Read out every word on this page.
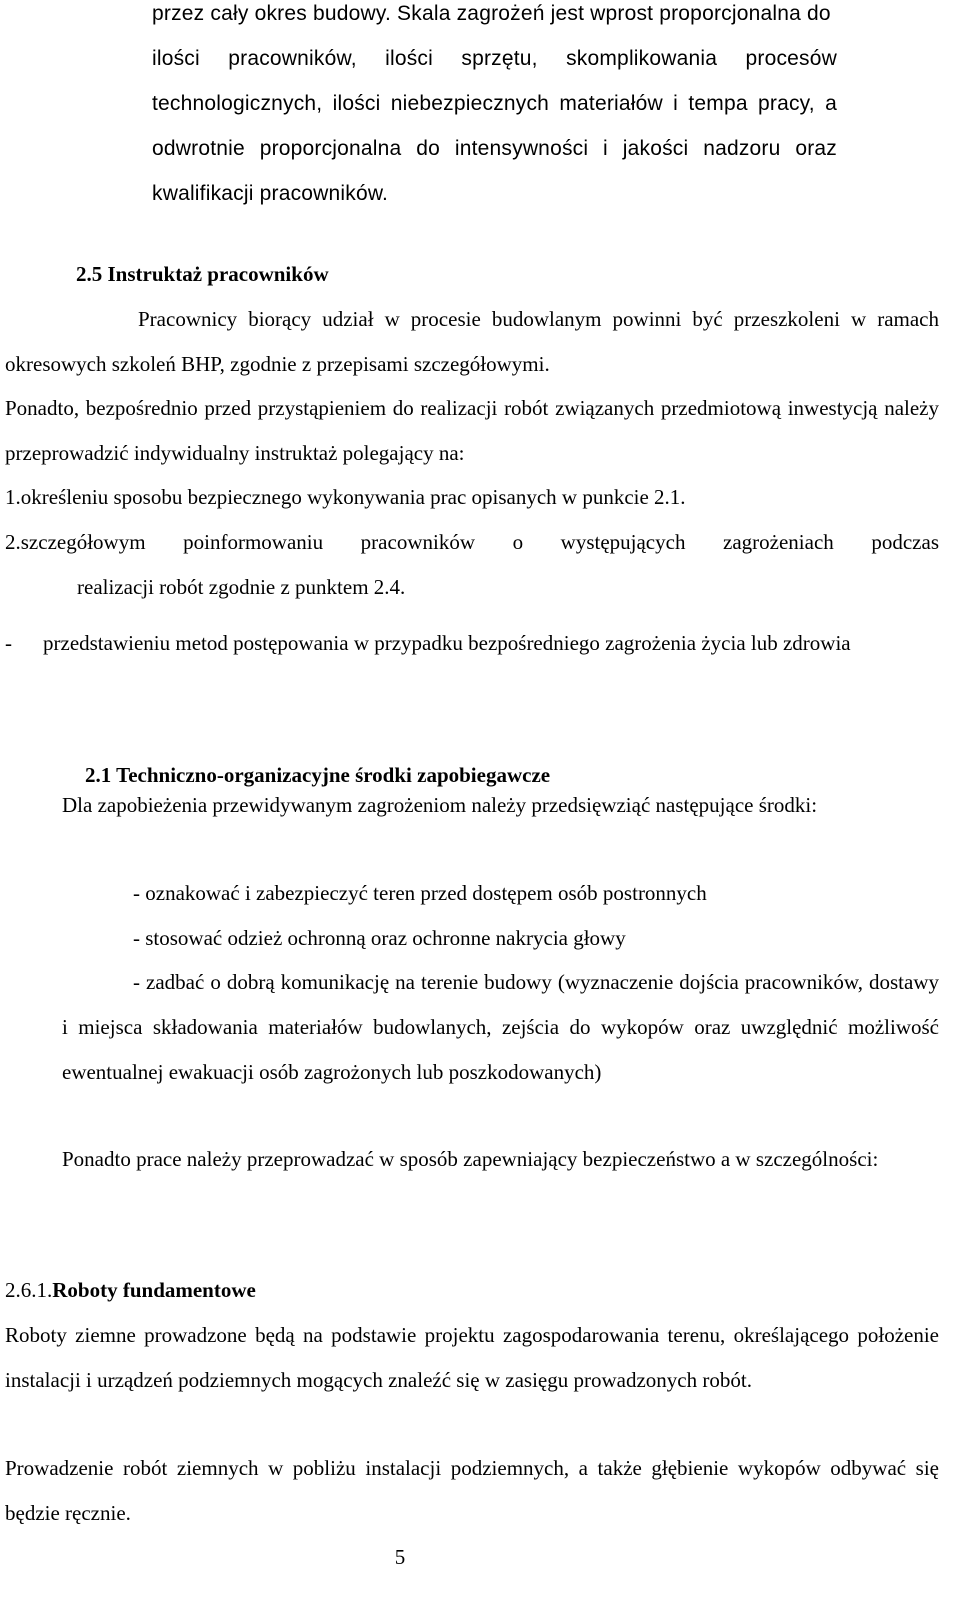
przez cały okres budowy. Skala zagrożeń jest wprost proporcjonalna do

ilości pracowników, ilości sprzętu, skomplikowania procesów technologicznych, ilości niebezpiecznych materiałów i tempa pracy, a odwrotnie proporcjonalna do intensywności i jakości nadzoru oraz kwalifikacji pracowników.

2.5 Instruktaż pracowników

Pracownicy biorący udział w procesie budowlanym powinni być przeszkoleni w ramach okresowych szkoleń BHP, zgodnie z przepisami szczegółowymi.

Ponadto, bezpośrednio przed przystąpieniem do realizacji robót związanych przedmiotową inwestycją należy przeprowadzić indywidualny instruktaż polegający na:

1.określeniu sposobu bezpiecznego wykonywania prac opisanych w punkcie 2.1.

2.szczegółowym poinformowaniu pracowników o występujących zagrożeniach podczas

realizacji robót zgodnie z punktem 2.4.

- przedstawieniu metod postępowania w przypadku bezpośredniego zagrożenia życia lub zdrowia

2.1 Techniczno-organizacyjne środki zapobiegawcze

Dla zapobieżenia przewidywanym zagrożeniom należy przedsięwziąć następujące środki:

- oznakować i zabezpieczyć teren przed dostępem osób postronnych

- stosować odzież ochronną oraz ochronne nakrycia głowy

- zadbać o dobrą komunikację na terenie budowy (wyznaczenie dojścia pracowników, dostawy i miejsca składowania materiałów budowlanych, zejścia do wykopów oraz uwzględnić możliwość ewentualnej ewakuacji osób zagrożonych lub poszkodowanych)

Ponadto prace należy przeprowadzać w sposób zapewniający bezpieczeństwo a w szczególności:

2.6.1.Roboty fundamentowe

Roboty ziemne prowadzone będą na podstawie projektu zagospodarowania terenu, określającego położenie instalacji i urządzeń podziemnych mogących znaleźć się w zasięgu prowadzonych robót.

Prowadzenie robót ziemnych w pobliżu instalacji podziemnych, a także głębienie wykopów odbywać się będzie ręcznie.

5
